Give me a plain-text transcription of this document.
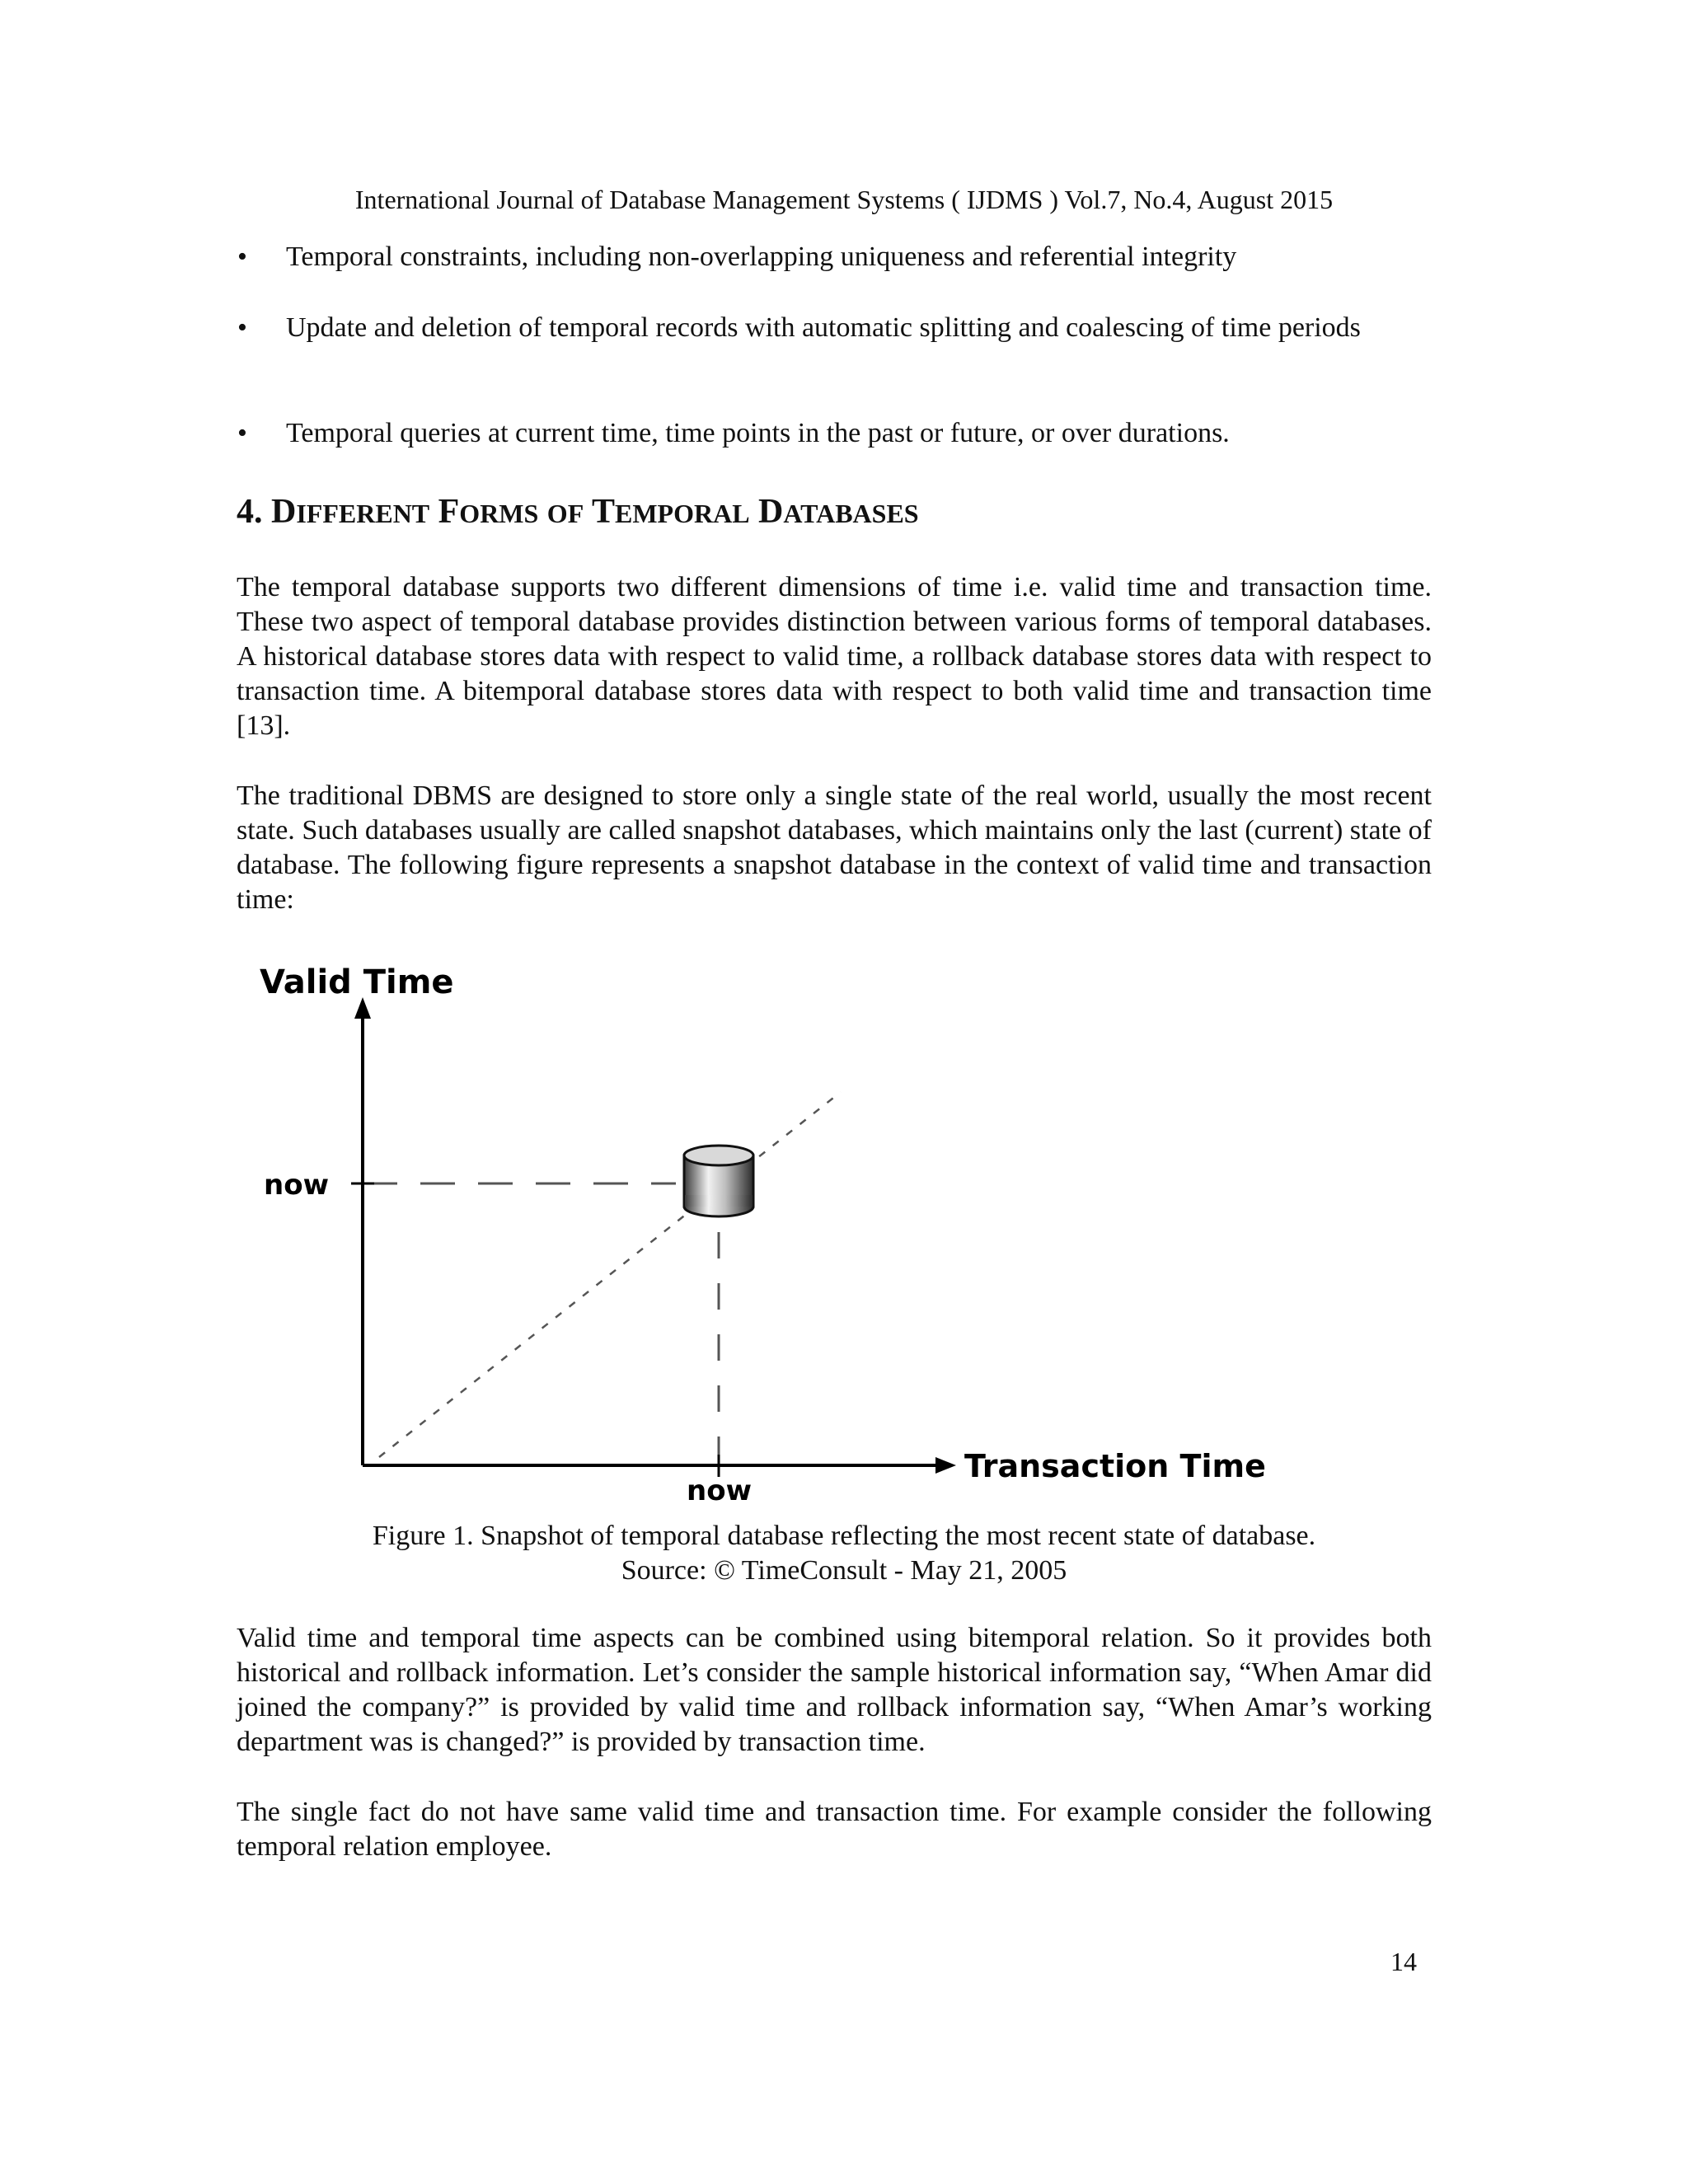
International Journal of Database Management Systems ( IJDMS ) Vol.7, No.4, August 2015
• Temporal constraints, including non-overlapping uniqueness and referential integrity
• Update and deletion of temporal records with automatic splitting and coalescing of time periods
• Temporal queries at current time, time points in the past or future, or over durations.
4. DIFFERENT FORMS OF TEMPORAL DATABASES
The temporal database supports two different dimensions of time i.e. valid time and transaction time. These two aspect of temporal database provides distinction between various forms of temporal databases. A historical database stores data with respect to valid time, a rollback database stores data with respect to transaction time. A bitemporal database stores data with respect to both valid time and transaction time [13].
The traditional DBMS are designed to store only a single state of the real world, usually the most recent state. Such databases usually are called snapshot databases, which maintains only the last (current) state of database. The following figure represents a snapshot database in the context of valid time and transaction time:
Valid Time
now
now
Transaction Time
Figure 1. Snapshot of temporal database reflecting the most recent state of database.
Source: © TimeConsult - May 21, 2005
Valid time and temporal time aspects can be combined using bitemporal relation. So it provides both historical and rollback information. Let’s consider the sample historical information say, “When Amar did joined the company?” is provided by valid time and rollback information say, “When Amar’s working department was is changed?” is provided by transaction time.
The single fact do not have same valid time and transaction time. For example consider the following temporal relation employee.
14
